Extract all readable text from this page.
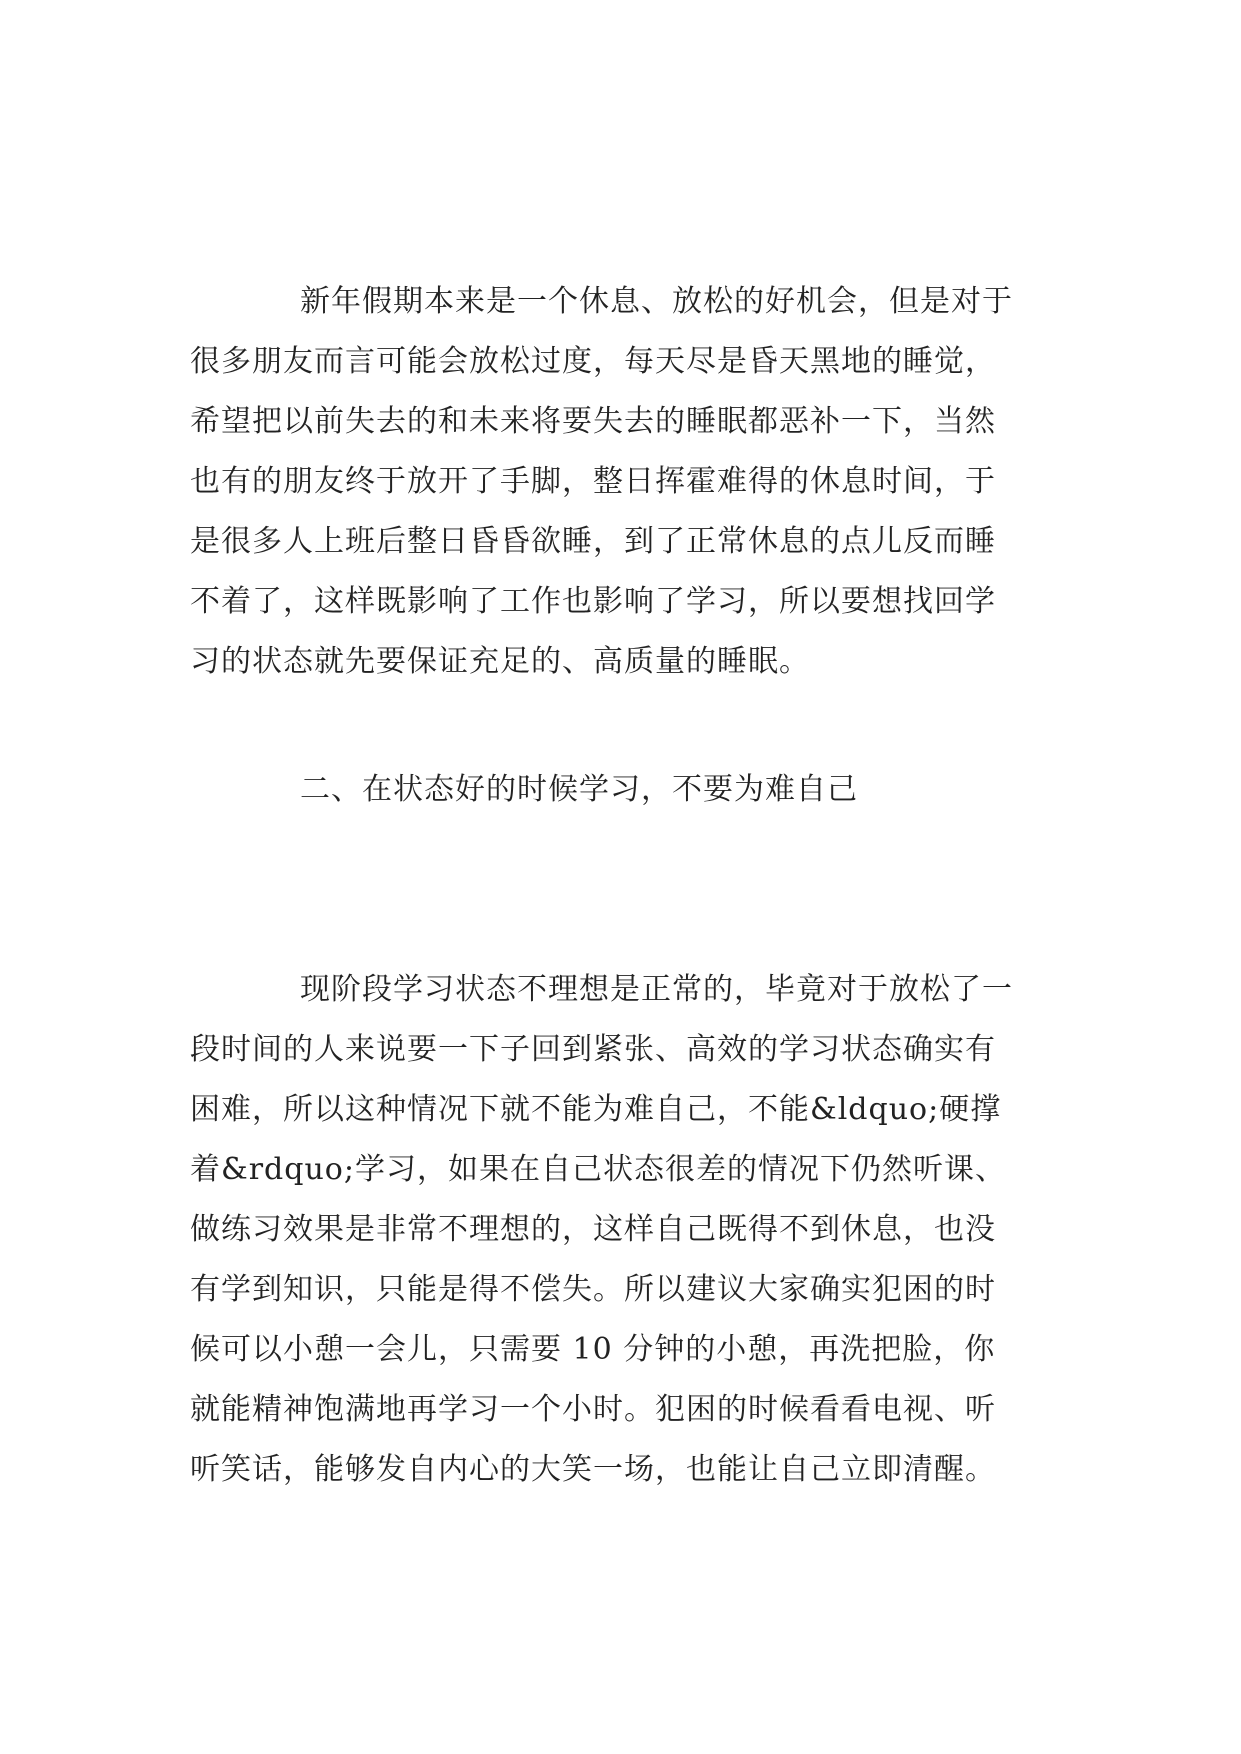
新年假期本来是一个休息、放松的好机会，但是对于
很多朋友而言可能会放松过度，每天尽是昏天黑地的睡觉，
希望把以前失去的和未来将要失去的睡眠都恶补一下，当然
也有的朋友终于放开了手脚，整日挥霍难得的休息时间，于
是很多人上班后整日昏昏欲睡，到了正常休息的点儿反而睡
不着了，这样既影响了工作也影响了学习，所以要想找回学
习的状态就先要保证充足的、高质量的睡眠。
二、在状态好的时候学习，不要为难自己
现阶段学习状态不理想是正常的，毕竟对于放松了一
段时间的人来说要一下子回到紧张、高效的学习状态确实有
困难，所以这种情况下就不能为难自己，不能&ldquo;硬撑
着&rdquo;学习，如果在自己状态很差的情况下仍然听课、
做练习效果是非常不理想的，这样自己既得不到休息，也没
有学到知识，只能是得不偿失。所以建议大家确实犯困的时
候可以小憩一会儿，只需要 10 分钟的小憩，再洗把脸，你
就能精神饱满地再学习一个小时。犯困的时候看看电视、听
听笑话，能够发自内心的大笑一场，也能让自己立即清醒。
